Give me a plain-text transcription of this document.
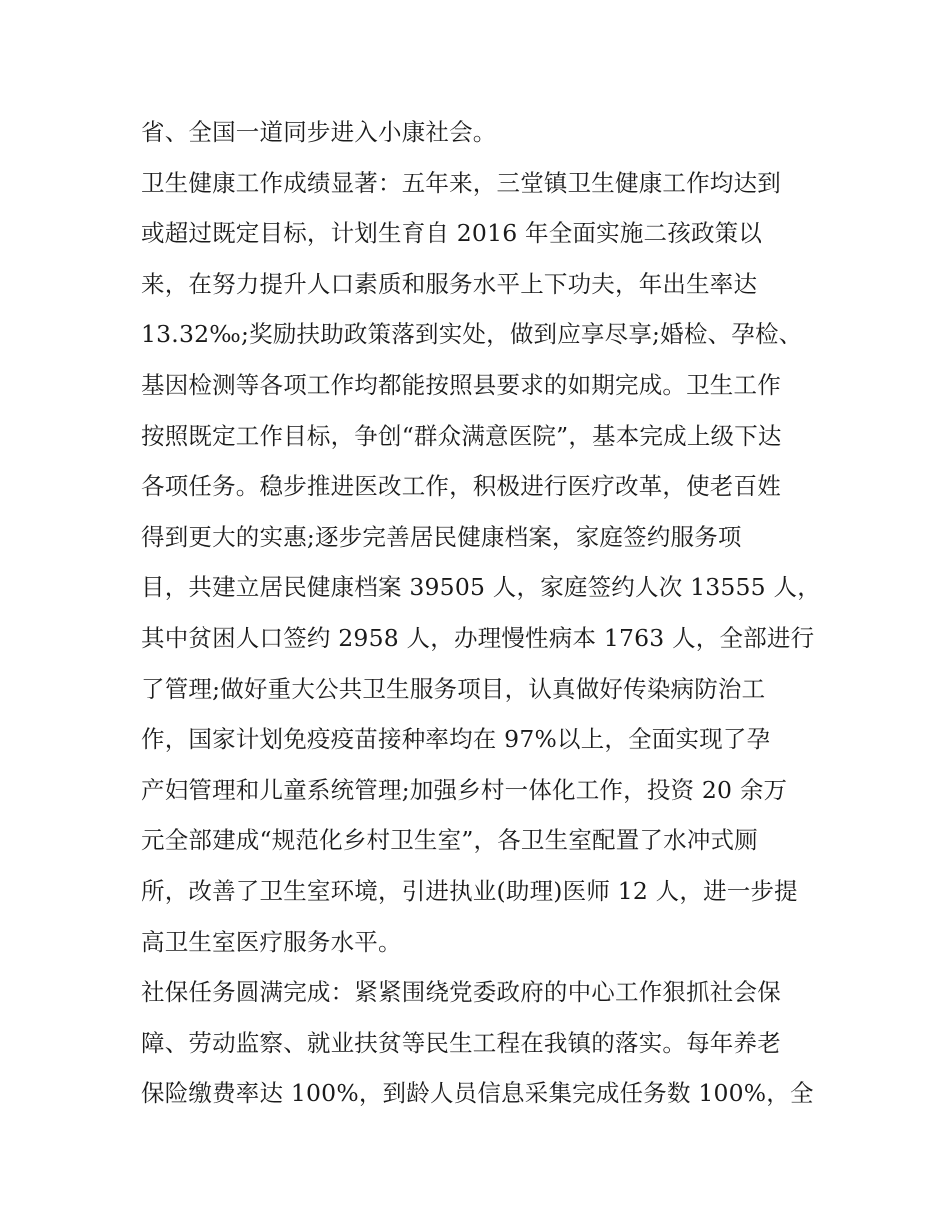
省、全国一道同步进入小康社会。
卫生健康工作成绩显著：五年来，三堂镇卫生健康工作均达到
或超过既定目标，计划生育自 2016 年全面实施二孩政策以
来，在努力提升人口素质和服务水平上下功夫，年出生率达
13.32‰;奖励扶助政策落到实处，做到应享尽享;婚检、孕检、
基因检测等各项工作均都能按照县要求的如期完成。卫生工作
按照既定工作目标，争创“群众满意医院”，基本完成上级下达
各项任务。稳步推进医改工作，积极进行医疗改革，使老百姓
得到更大的实惠;逐步完善居民健康档案，家庭签约服务项
目，共建立居民健康档案 39505 人，家庭签约人次 13555 人，
其中贫困人口签约 2958 人，办理慢性病本 1763 人，全部进行
了管理;做好重大公共卫生服务项目，认真做好传染病防治工
作，国家计划免疫疫苗接种率均在 97%以上，全面实现了孕
产妇管理和儿童系统管理;加强乡村一体化工作，投资 20 余万
元全部建成“规范化乡村卫生室”，各卫生室配置了水冲式厕
所，改善了卫生室环境，引进执业(助理)医师 12 人，进一步提
高卫生室医疗服务水平。
社保任务圆满完成：紧紧围绕党委政府的中心工作狠抓社会保
障、劳动监察、就业扶贫等民生工程在我镇的落实。每年养老
保险缴费率达 100%，到龄人员信息采集完成任务数 100%，全
